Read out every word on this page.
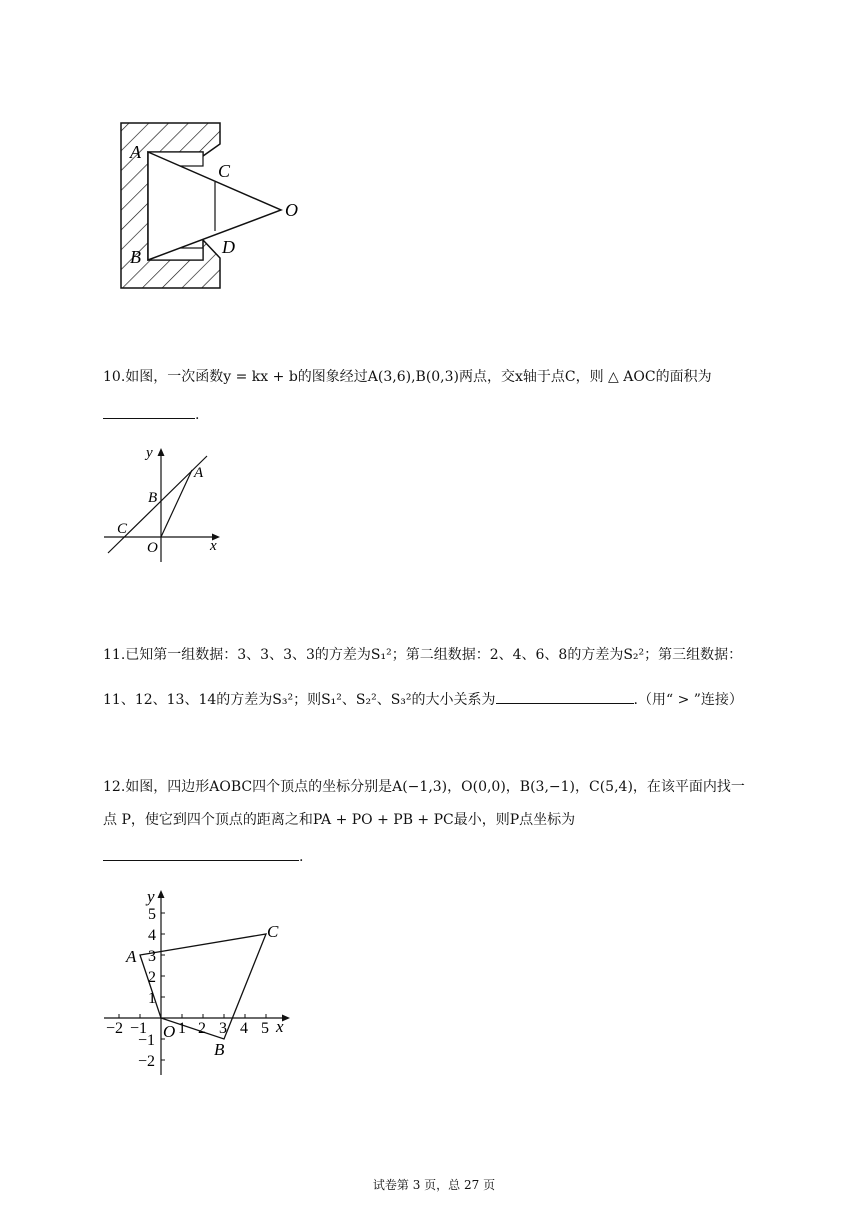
A
B
C
D
O
10.如图，一次函数y = kx + b的图象经过A(3,6),B(0,3)两点，交x轴于点C，则 △ AOC的面积为
.
y
x
A
B
C
O
11.已知第一组数据：3、3、3、3的方差为S₁²；第二组数据：2、4、6、8的方差为S₂²；第三组数据：
11、12、13、14的方差为S₃²；则S₁²、S₂²、S₃²的大小关系为	.（用“ > ”连接）
12.如图，四边形AOBC四个顶点的坐标分别是A(−1,3)，O(0,0)，B(3,−1)，C(5,4)，在该平面内找一
点 P，使它到四个顶点的距离之和PA + PO + PB + PC最小，则P点坐标为
.
5
4
3
2
1
−1
−2
−2 −1 1 2 3 4 5
y
x
A
B
C
O
试卷第 3 页，总 27 页
